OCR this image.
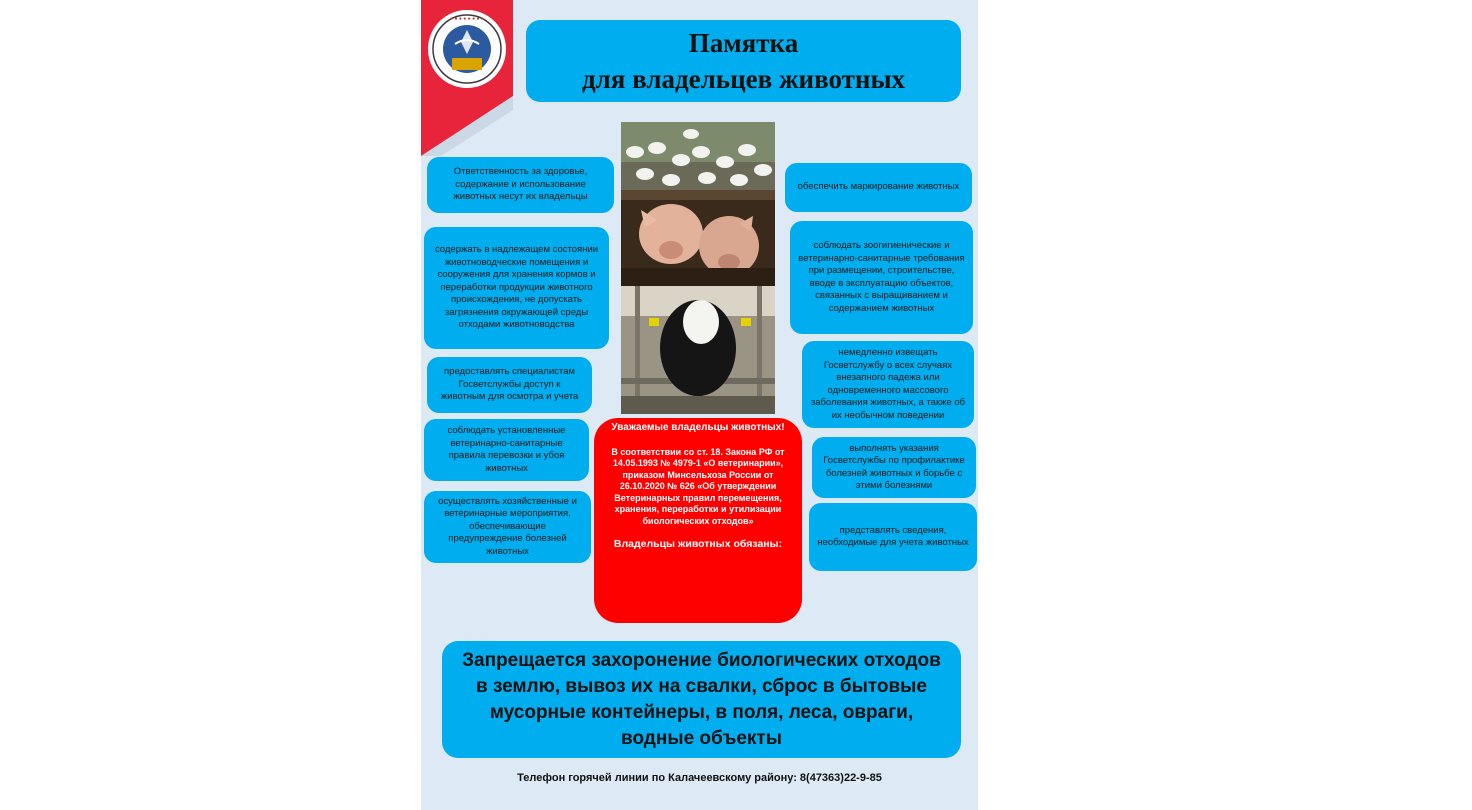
● ● ● ● ● ● ● ●
Памятка
для владельцев животных
Ответственность за здоровье, содержание и использование животных несут их владельцы
содержать в надлежащем состоянии животноводческие помещения и сооружения для хранения кормов и переработки продукции животного происхождения, не допускать загрязнения окружающей среды отходами животноводства
предоставлять специалистам Госветслужбы доступ к животным для осмотра и учета
соблюдать установленные ветеринарно-санитарные правила перевозки и убоя животных
осуществлять хозяйственные и ветеринарные мероприятия, обеспечивающие предупреждение болезней животных
обеспечить маркирование животных
соблюдать зоогигиенические и ветеринарно-санитарные требования при размещении, строительстве, вводе в эксплуатацию объектов, связанных с выращиванием и содержанием животных
немедленно извещать Госветслужбу о всех случаях внезапного падежа или одновременного массового заболевания животных, а также об их необычном поведении
выполнять указания Госветслужбы по профилактике болезней животных и борьбе с этими болезнями
представлять сведения, необходимые для учета животных
Уважаемые владельцы животных!
В соответствии со ст. 18. Закона РФ от 14.05.1993 № 4979-1 «О ветеринарии», приказом Минсельхоза России от 26.10.2020 № 626 «Об утверждении Ветеринарных правил перемещения, хранения, переработки и утилизации биологических отходов»
Владельцы животных обязаны:
Запрещается захоронение биологических отходов в землю, вывоз их на свалки, сброс в бытовые мусорные контейнеры, в поля, леса, овраги, водные объекты
Телефон горячей линии по Калачеевскому району: 8(47363)22-9-85
